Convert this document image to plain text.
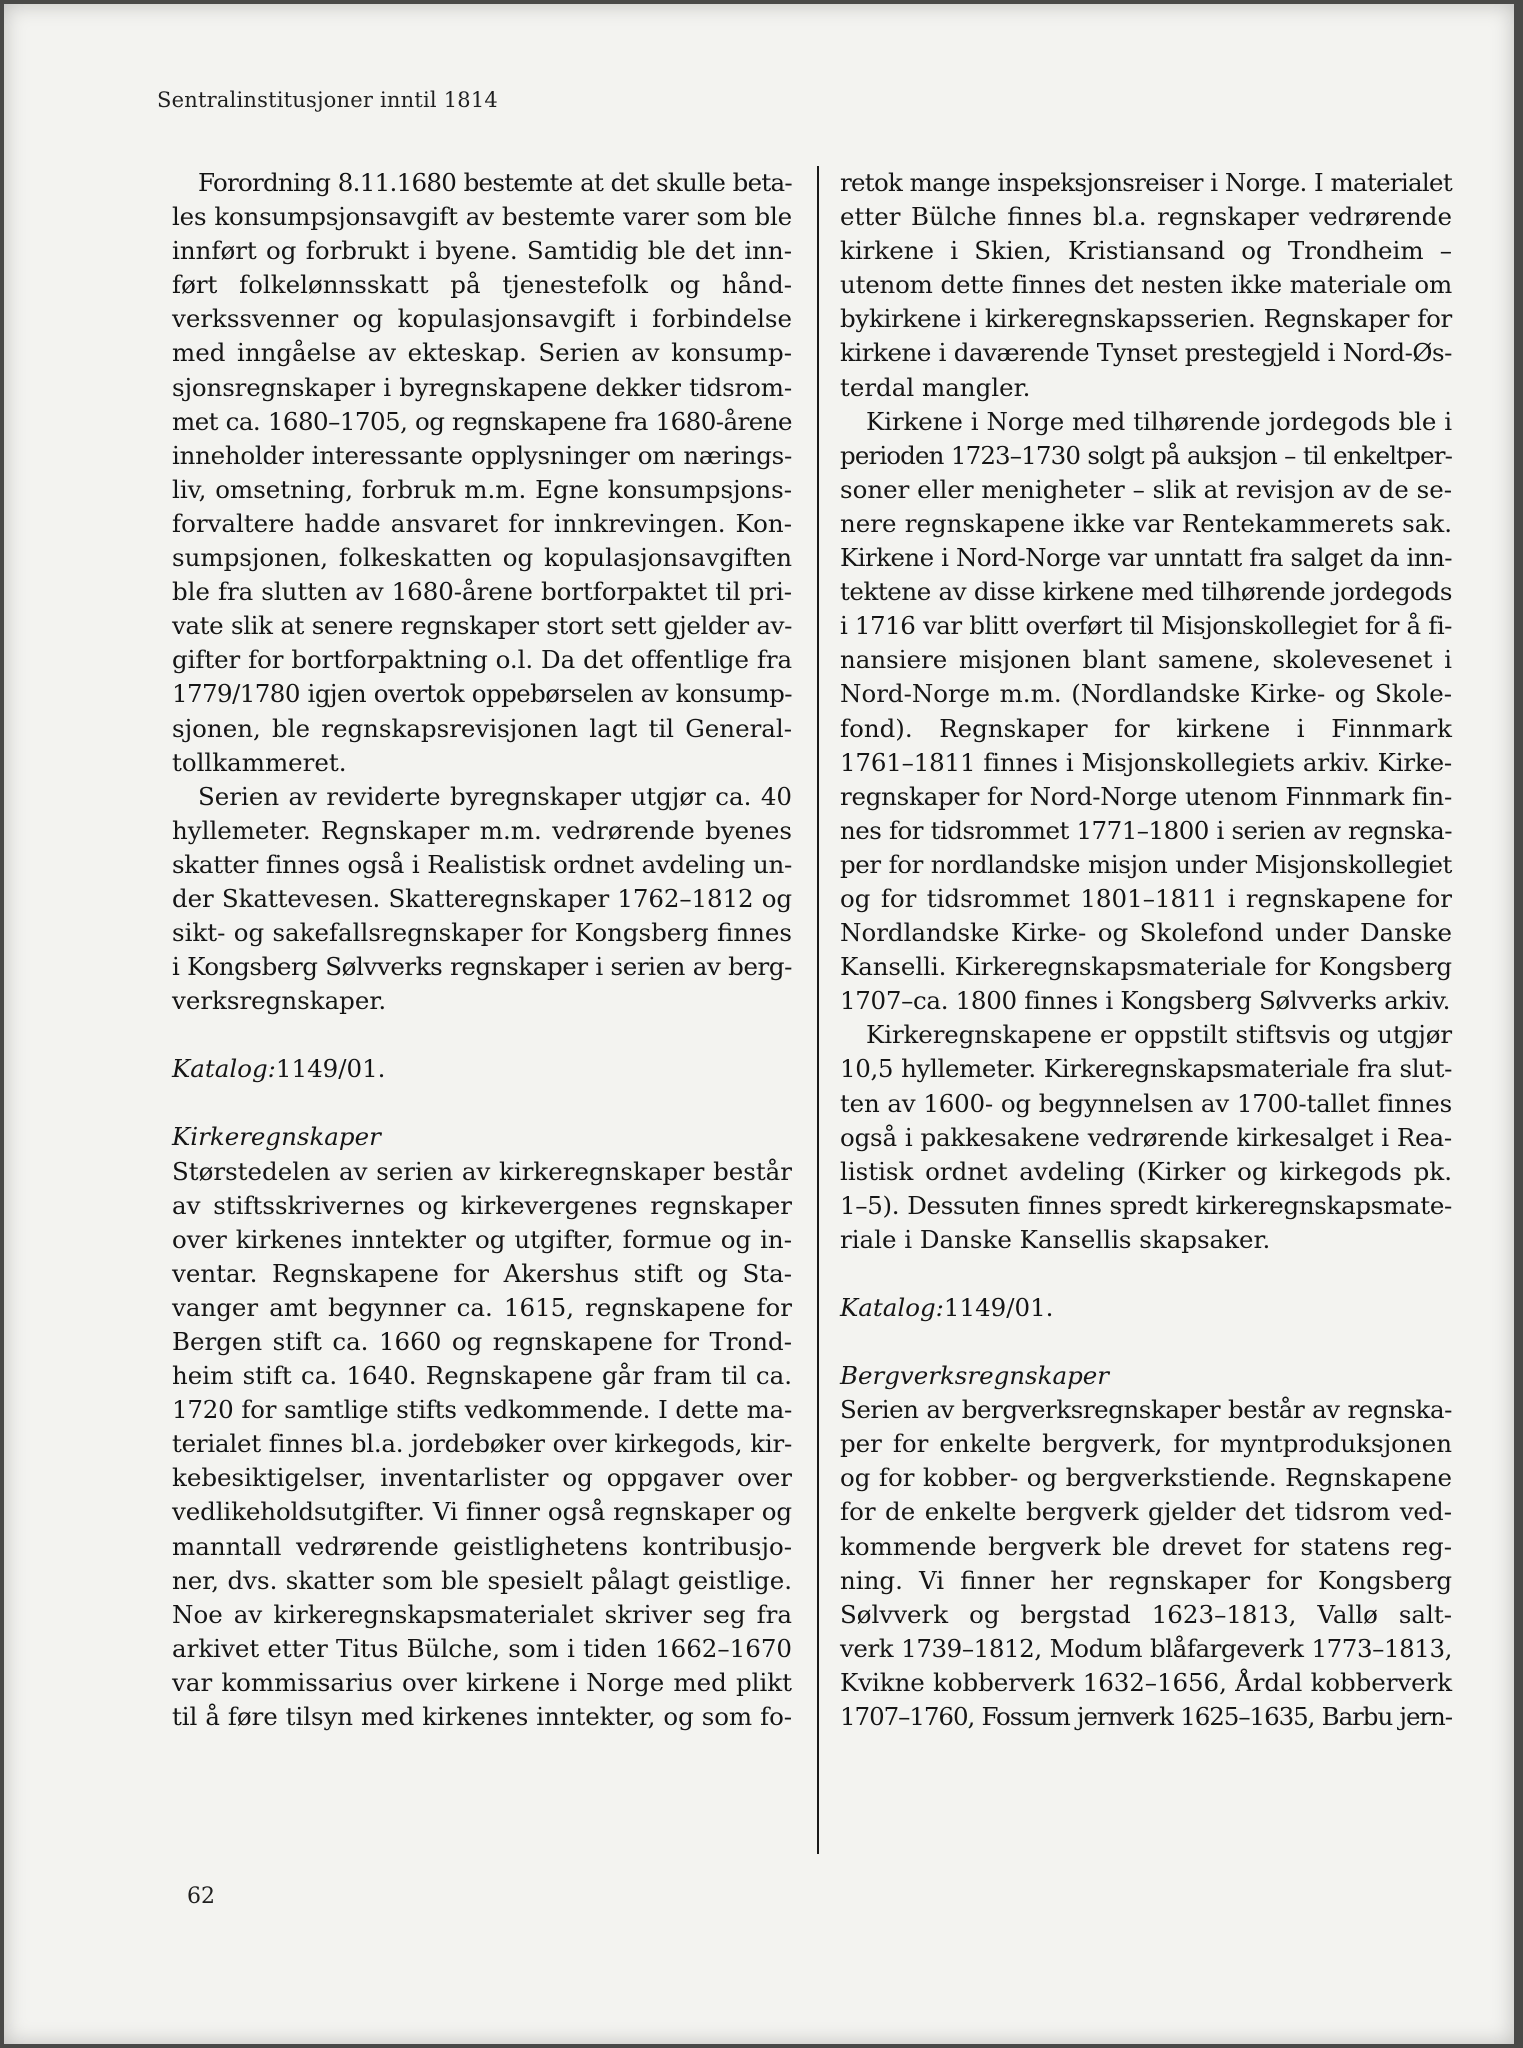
Sentralinstitusjoner inntil 1814
Forordning 8.11.1680 bestemte at det skulle beta-
les konsumpsjonsavgift av bestemte varer som ble
innført og forbrukt i byene. Samtidig ble det inn-
ført folkelønnsskatt på tjenestefolk og hånd-
verkssvenner og kopulasjonsavgift i forbindelse
med inngåelse av ekteskap. Serien av konsump-
sjonsregnskaper i byregnskapene dekker tidsrom-
met ca. 1680–1705, og regnskapene fra 1680-årene
inneholder interessante opplysninger om nærings-
liv, omsetning, forbruk m.m. Egne konsumpsjons-
forvaltere hadde ansvaret for innkrevingen. Kon-
sumpsjonen, folkeskatten og kopulasjonsavgiften
ble fra slutten av 1680-årene bortforpaktet til pri-
vate slik at senere regnskaper stort sett gjelder av-
gifter for bortforpaktning o.l. Da det offentlige fra
1779/1780 igjen overtok oppebørselen av konsump-
sjonen, ble regnskapsrevisjonen lagt til General-
tollkammeret.
Serien av reviderte byregnskaper utgjør ca. 40
hyllemeter. Regnskaper m.m. vedrørende byenes
skatter finnes også i Realistisk ordnet avdeling un-
der Skattevesen. Skatteregnskaper 1762–1812 og
sikt- og sakefallsregnskaper for Kongsberg finnes
i Kongsberg Sølvverks regnskaper i serien av berg-
verksregnskaper.
Katalog:1149/01.
Kirkeregnskaper
Størstedelen av serien av kirkeregnskaper består
av stiftsskrivernes og kirkevergenes regnskaper
over kirkenes inntekter og utgifter, formue og in-
ventar. Regnskapene for Akershus stift og Sta-
vanger amt begynner ca. 1615, regnskapene for
Bergen stift ca. 1660 og regnskapene for Trond-
heim stift ca. 1640. Regnskapene går fram til ca.
1720 for samtlige stifts vedkommende. I dette ma-
terialet finnes bl.a. jordebøker over kirkegods, kir-
kebesiktigelser, inventarlister og oppgaver over
vedlikeholdsutgifter. Vi finner også regnskaper og
manntall vedrørende geistlighetens kontribusjo-
ner, dvs. skatter som ble spesielt pålagt geistlige.
Noe av kirkeregnskapsmaterialet skriver seg fra
arkivet etter Titus Bülche, som i tiden 1662–1670
var kommissarius over kirkene i Norge med plikt
til å føre tilsyn med kirkenes inntekter, og som fo-
retok mange inspeksjonsreiser i Norge. I materialet
etter Bülche finnes bl.a. regnskaper vedrørende
kirkene i Skien, Kristiansand og Trondheim –
utenom dette finnes det nesten ikke materiale om
bykirkene i kirkeregnskapsserien. Regnskaper for
kirkene i daværende Tynset prestegjeld i Nord-Øs-
terdal mangler.
Kirkene i Norge med tilhørende jordegods ble i
perioden 1723–1730 solgt på auksjon – til enkeltper-
soner eller menigheter – slik at revisjon av de se-
nere regnskapene ikke var Rentekammerets sak.
Kirkene i Nord-Norge var unntatt fra salget da inn-
tektene av disse kirkene med tilhørende jordegods
i 1716 var blitt overført til Misjonskollegiet for å fi-
nansiere misjonen blant samene, skolevesenet i
Nord-Norge m.m. (Nordlandske Kirke- og Skole-
fond). Regnskaper for kirkene i Finnmark
1761–1811 finnes i Misjonskollegiets arkiv. Kirke-
regnskaper for Nord-Norge utenom Finnmark fin-
nes for tidsrommet 1771–1800 i serien av regnska-
per for nordlandske misjon under Misjonskollegiet
og for tidsrommet 1801–1811 i regnskapene for
Nordlandske Kirke- og Skolefond under Danske
Kanselli. Kirkeregnskapsmateriale for Kongsberg
1707–ca. 1800 finnes i Kongsberg Sølvverks arkiv.
Kirkeregnskapene er oppstilt stiftsvis og utgjør
10,5 hyllemeter. Kirkeregnskapsmateriale fra slut-
ten av 1600- og begynnelsen av 1700-tallet finnes
også i pakkesakene vedrørende kirkesalget i Rea-
listisk ordnet avdeling (Kirker og kirkegods pk.
1–5). Dessuten finnes spredt kirkeregnskapsmate-
riale i Danske Kansellis skapsaker.
Katalog:1149/01.
Bergverksregnskaper
Serien av bergverksregnskaper består av regnska-
per for enkelte bergverk, for myntproduksjonen
og for kobber- og bergverkstiende. Regnskapene
for de enkelte bergverk gjelder det tidsrom ved-
kommende bergverk ble drevet for statens reg-
ning. Vi finner her regnskaper for Kongsberg
Sølvverk og bergstad 1623–1813, Vallø salt-
verk 1739–1812, Modum blåfargeverk 1773–1813,
Kvikne kobberverk 1632–1656, Årdal kobberverk
1707–1760, Fossum jernverk 1625–1635, Barbu jern-
62
